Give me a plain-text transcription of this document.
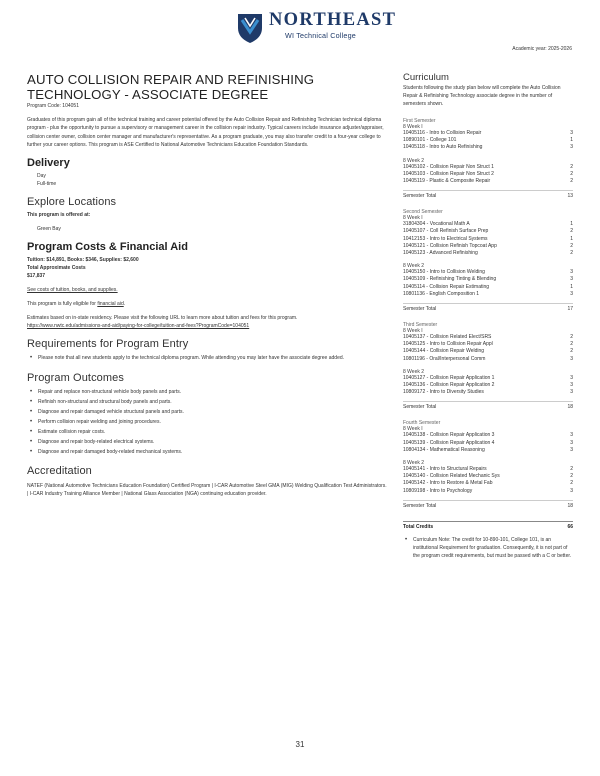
NORTHEAST
WI Technical College
Academic year: 2025-2026
AUTO COLLISION REPAIR AND REFINISHING TECHNOLOGY - ASSOCIATE DEGREE
Program Code: 104051

Graduates of this program gain all of the technical training and career potential offered by the Auto Collision Repair and Refinishing Technician technical diploma program - plus the opportunity to pursue a supervisory or management career in the collision repair industry. Typical careers include insurance adjuster/appraiser, collision center owner, collision center manager and manufacturer's representative. As a program graduate, you may also transfer credit to a four-year college to further your career options. This program is ASE Certified to National Automotive Technicians Education Foundation Standards.

Delivery
Day
Full-time
Explore Locations
This program is offered at:
Green Bay
Program Costs & Financial Aid
Tuition: $14,891, Books: $346, Supplies: $2,600
Total Approximate Costs
$17,837
See costs of tuition, books, and supplies.
This program is fully eligible for financial aid.
Estimates based on in-state residency. Please visit the following URL to learn more about tuition and fees for this program.
https://www.nwtc.edu/admissions-and-aid/paying-for-college/tuition-and-fees?ProgramCode=104051
Requirements for Program Entry
• Please note that all new students apply to the technical diploma program. While attending you may later have the associate degree added.
Program Outcomes
• Repair and replace non-structural vehicle body panels and parts.
• Refinish non-structural and structural body panels and parts.
• Diagnose and repair damaged vehicle structural panels and parts.
• Perform collision repair welding and joining procedures.
• Estimate collision repair costs.
• Diagnose and repair body-related electrical systems.
• Diagnose and repair damaged body-related mechanical systems.
Accreditation
NATEF (National Automotive Technicians Education Foundation) Certified Program | I-CAR Automotive Steel GMA (MIG) Welding Qualification Test Administrators. | I-CAR Industry Training Alliance Member | National Glass Association (NGA) continuing education provider.
Curriculum
Students following the study plan below will complete the Auto Collision Repair & Refinishing Technology associate degree in the number of semesters shown.
First Semester
8 Week I
10405116 - Intro to Collision Repair	3
10890101 - College 101	1
10405118 - Intro to Auto Refinishing	3
8 Week 2
10405102 - Collision Repair Non Struct 1	2
10405103 - Collision Repair Non Struct 2	2
10405119 - Plastic & Composite Repair	2
Semester Total	13
Second Semester
8 Week I
31804304 - Vocational Math A	1
10405107 - Coll Refinish Surface Prep	2
10412153 - Intro to Electrical Systems	1
10405121 - Collision Refinish Topcoat App	2
10405123 - Advanced Refinishing	2
8 Week 2
10405150 - Intro to Collision Welding	3
10405109 - Refinishing Tinting & Blending	3
10405114 - Collision Repair Estimating	1
10801136 - English Composition 1	3
Semester Total	17
Third Semester
8 Week I
10405137 - Collision Related Elect/SRS	2
10405125 - Intro to Collision Repair Appl	2
10405144 - Collision Repair Welding	2
10801196 - Oral/Interpersonal Comm	3
8 Week 2
10405127 - Collision Repair Application 1	3
10405136 - Collision Repair Application 2	3
10809172 - Intro to Diversity Studies	3
Semester Total	18
Fourth Semester
8 Week I
10405138 - Collision Repair Application 3	3
10405139 - Collision Repair Application 4	3
10804134 - Mathematical Reasoning	3
8 Week 2
10405141 - Intro to Structural Repairs	2
10405140 - Collision Related Mechanic Sys	2
10405142 - Intro to Restore & Metal Fab	2
10809198 - Intro to Psychology	3
Semester Total	18
Total Credits	66
• Curriculum Note: The credit for 10-890-101, College 101, is an institutional Requirement for graduation. Consequently, it is not part of the program credit requirements, but must be passed with a C or better.
31
